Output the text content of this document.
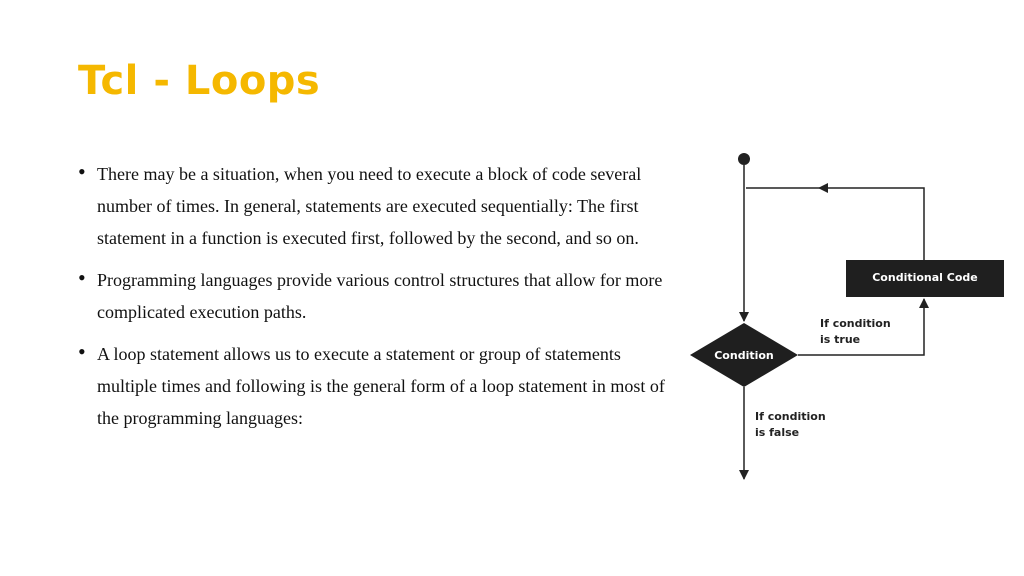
Tcl - Loops
• There may be a situation, when you need to execute a block of code several number of times. In general, statements are executed sequentially: The first statement in a function is executed first, followed by the second, and so on.
• Programming languages provide various control structures that allow for more complicated execution paths.
• A loop statement allows us to execute a statement or group of statements multiple times and following is the general form of a loop statement in most of the programming languages:
Condition
If condition
is true
Conditional Code
If condition
is false
